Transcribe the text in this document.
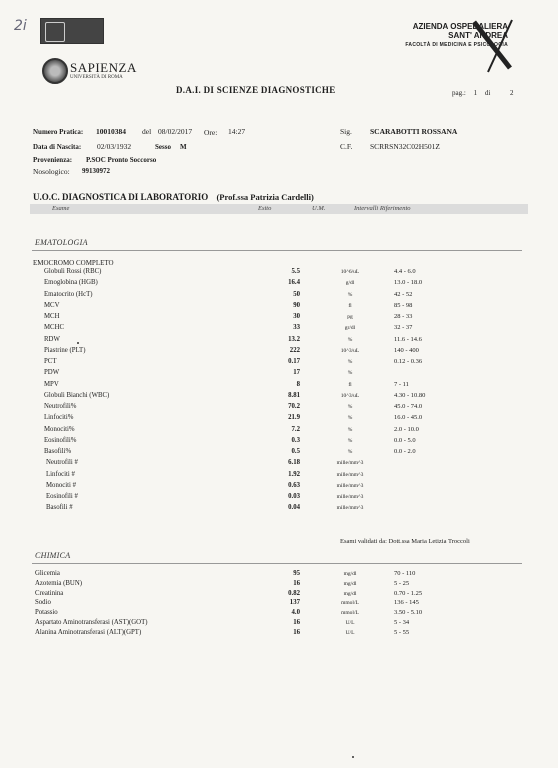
2i
SAPIENZA
UNIVERSITÀ DI ROMA
AZIENDA OSPEDALIERA
SANT' ANDREA
FACOLTÀ DI MEDICINA E PSICOLOGIA
D.A.I. DI SCIENZE DIAGNOSTICHE	pag.: 1 di	2
Numero Pratica: 10010384 del 08/02/2017 Ore: 14:27	Sig. SCARABOTTI ROSSANA
Data di Nascita: 02/03/1932	Sesso M	C.F. SCRRSN32C02H501Z
Provenienza: P.SOC Pronto Soccorso
Nosologico: 99130972
U.O.C. DIAGNOSTICA DI LABORATORIO (Prof.ssa Patrizia Cardelli)
Esame	Esito	U.M.	Intervalli Riferimento
EMATOLOGIA
EMOCROMO COMPLETO
Globuli Rossi (RBC)	5.5	10^6/uL	4.4 - 6.0
Emoglobina (HGB)	16.4	g/dl	13.0 - 18.0
Ematocrito (HcT)	50	%	42 - 52
MCV	90	fl	85 - 98
MCH	30	pg	28 - 33
MCHC	33	gr/dl	32 - 37
RDW	13.2	%	11.6 - 14.6
Piastrine (PLT)	222	10^3/uL	140 - 400
PCT	0.17	%	0.12 - 0.36
PDW	17	%
MPV	8	fl	7 - 11
Globuli Bianchi (WBC)	8.81	10^3/uL	4.30 - 10.80
Neutrofili%	70.2	%	45.0 - 74.0
Linfociti%	21.9	%	16.0 - 45.0
Monociti%	7.2	%	2.0 - 10.0
Eosinofili%	0.3	%	0.0 - 5.0
Basofili%	0.5	%	0.0 - 2.0
Neutrofili #	6.18	mille/mm^3
Linfociti #	1.92	mille/mm^3
Monociti #	0.63	mille/mm^3
Eosinofili #	0.03	mille/mm^3
Basofili #	0.04	mille/mm^3
Esami validati da: Dott.ssa Maria Letizia Troccoli
CHIMICA
Glicemia	95	mg/dl	70 - 110
Azotemia (BUN)	16	mg/dl	5 - 25
Creatinina	0.82	mg/dl	0.70 - 1.25
Sodio	137	mmol/L	136 - 145
Potassio	4.0	mmol/L	3.50 - 5.10
Aspartato Aminotransferasi (AST)(GOT)	16	U/L	5 - 34
Alanina Aminotransferasi (ALT)(GPT)	16	U/L	5 - 55
